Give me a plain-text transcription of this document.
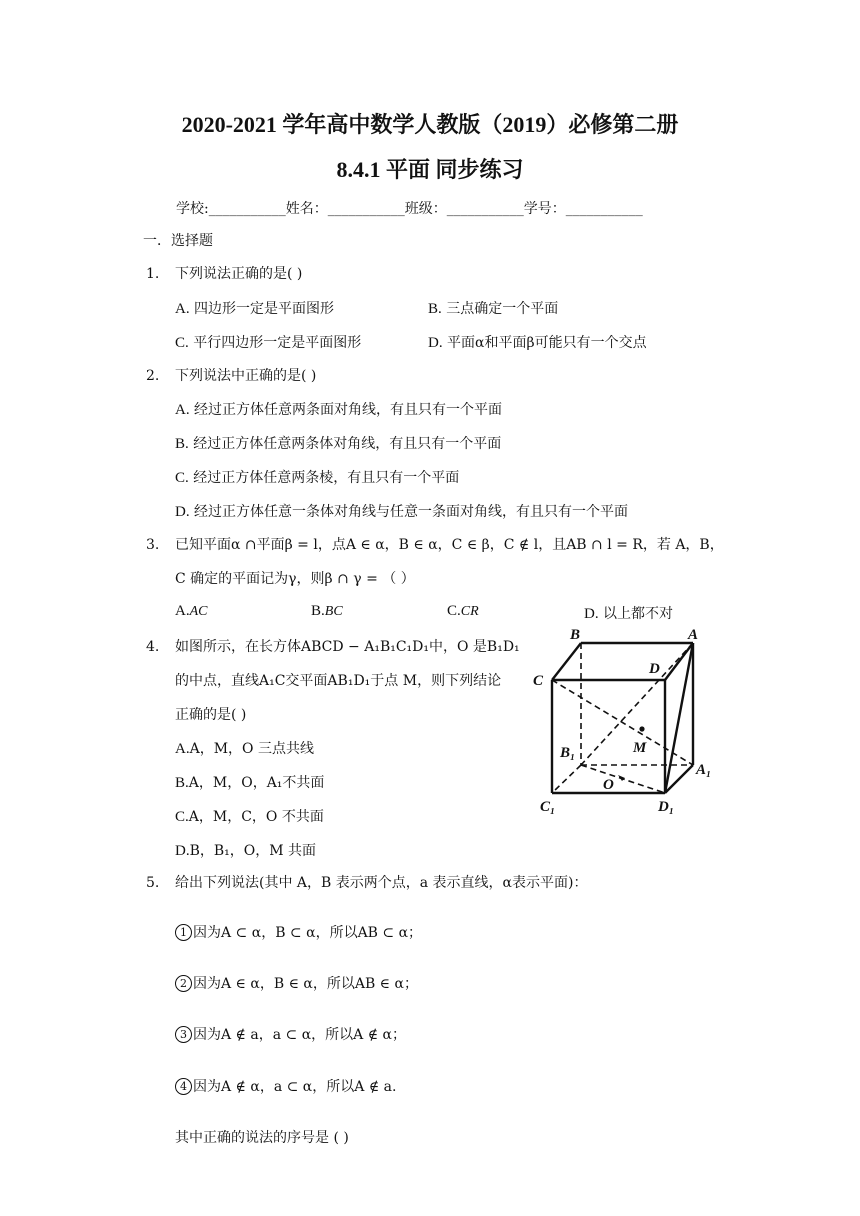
2020-2021 学年高中数学人教版（2019）必修第二册
8.4.1 平面 同步练习
学校:___________姓名：___________班级：___________学号：___________
一．选择题
1. 下列说法正确的是( )
A. 四边形一定是平面图形	B. 三点确定一个平面
C. 平行四边形一定是平面图形	D. 平面α和平面β可能只有一个交点
2. 下列说法中正确的是( )
A. 经过正方体任意两条面对角线，有且只有一个平面
B. 经过正方体任意两条体对角线，有且只有一个平面
C. 经过正方体任意两条棱，有且只有一个平面
D. 经过正方体任意一条体对角线与任意一条面对角线，有且只有一个平面
3. 已知平面α ∩平面β = l，点A ∈ α，B ∈ α，C ∈ β，C ∉ l，且AB ∩ l = R，若 A，B，
C 确定的平面记为γ，则β ∩ γ = （ ）
A.AC	B.BC	C.CR	D. 以上都不对
4. 如图所示，在长方体ABCD − A₁B₁C₁D₁中，O 是B₁D₁
的中点，直线A₁C交平面AB₁D₁于点 M，则下列结论
正确的是( )
A.A，M，O 三点共线
B.A，M，O，A₁不共面
C.A，M，C，O 不共面
D.B，B₁，O，M 共面
B	A
D
C
B₁	M
A₁
O
C₁	D₁
5. 给出下列说法(其中 A，B 表示两个点，a 表示直线，α表示平面)：
1 因为A ⊂ α，B ⊂ α，所以AB ⊂ α；
2 因为A ∈ α，B ∈ α，所以AB ∈ α；
3 因为A ∉ a，a ⊂ α，所以A ∉ α；
4 因为A ∉ α，a ⊂ α，所以A ∉ a.
其中正确的说法的序号是 ( )
